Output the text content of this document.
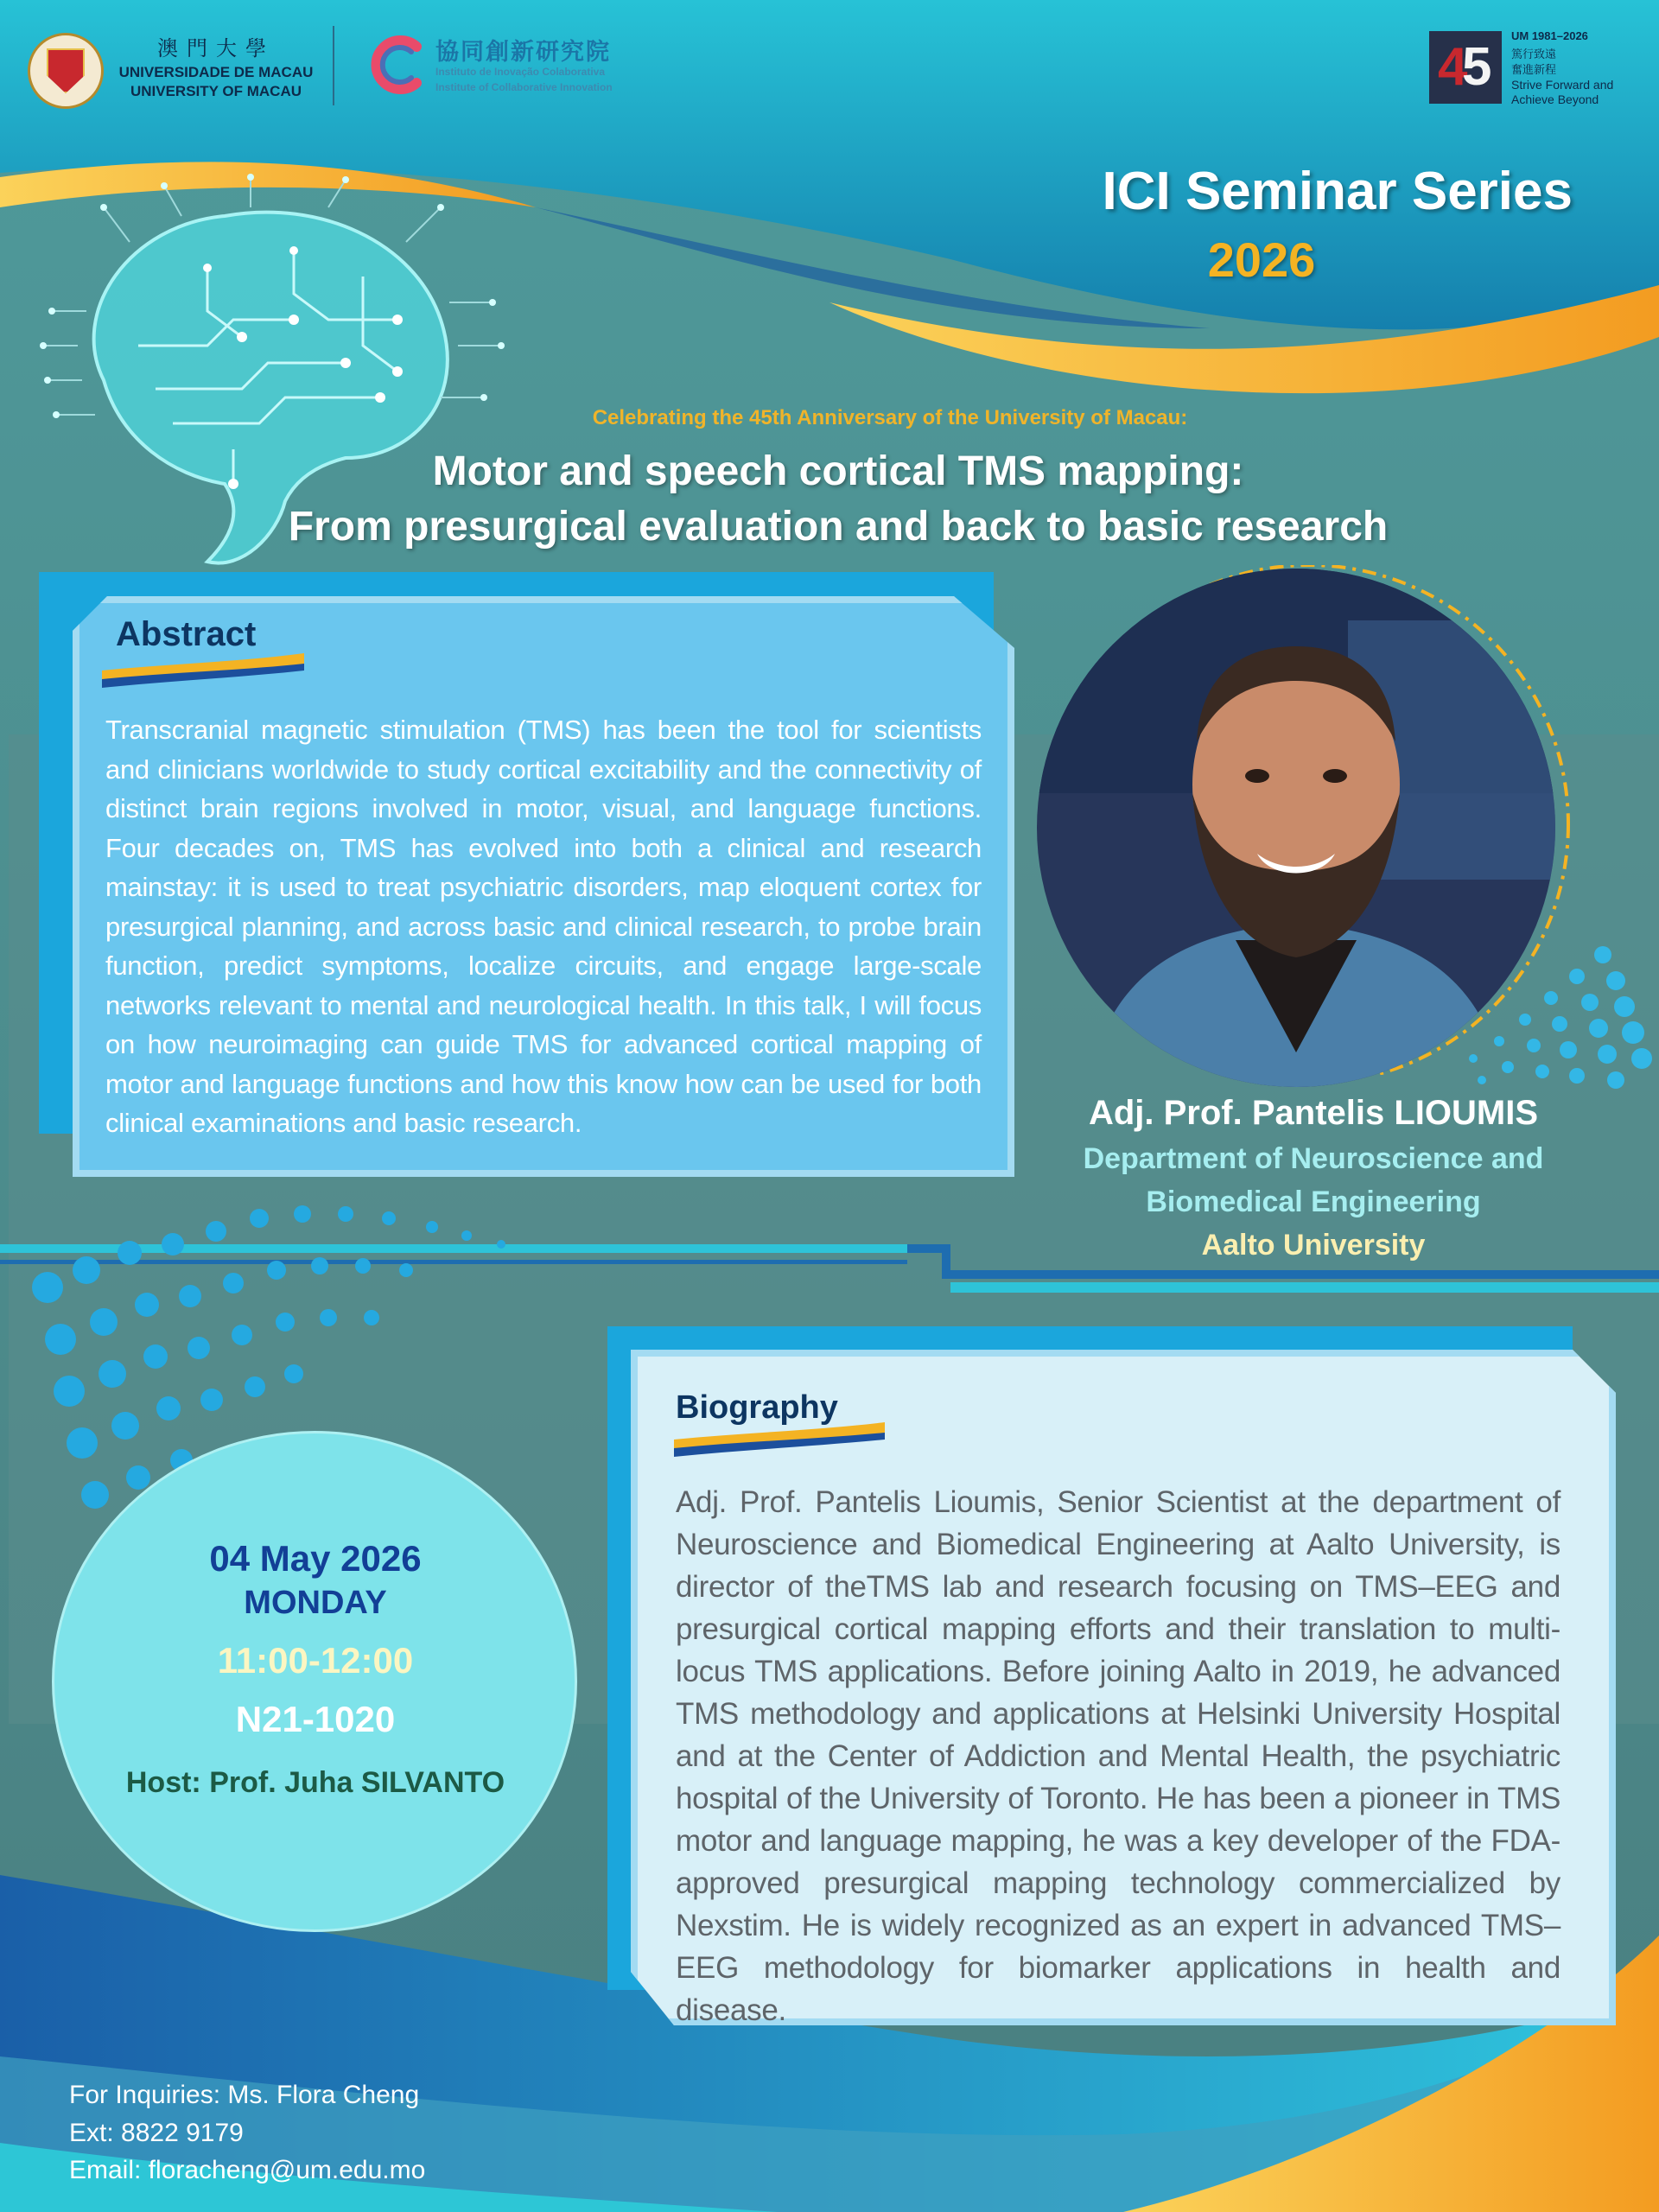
澳門大學
UNIVERSIDADE DE MACAU
UNIVERSITY OF MACAU
協同創新研究院
Instituto de Inovação Colaborativa
Institute of Collaborative Innovation	4
5
UM 1981–2026
篤行致遠
奮進新程
Strive Forward and
Achieve Beyond
ICI Seminar Series
2026
Celebrating the 45th Anniversary of the University of Macau:
Motor and speech cortical TMS mapping:
From presurgical evaluation and back to basic research
Abstract
Transcranial magnetic stimulation (TMS) has been the tool for scientists and clinicians worldwide to study cortical excitability and the connectivity of distinct brain regions involved in motor, visual, and language functions. Four decades on, TMS has evolved into both a clinical and research mainstay: it is used to treat psychiatric disorders, map eloquent cortex for presurgical planning, and across basic and clinical research, to probe brain function, predict symptoms, localize circuits, and engage large-scale networks relevant to mental and neurological health. In this talk, I will focus on how neuroimaging can guide TMS for advanced cortical mapping of motor and language functions and how this know how can be used for both clinical examinations and basic research.	Adj. Prof. Pantelis LIOUMIS
Department of Neuroscience and
Biomedical Engineering
Aalto University
04 May 2026
MONDAY
11:00-12:00
N21-1020
Host: Prof. Juha SILVANTO
Biography
Adj. Prof. Pantelis Lioumis, Senior Scientist at the department of Neuroscience and Biomedical Engineering at Aalto University, is director of theTMS lab and research focusing on TMS–EEG and presurgical cortical mapping efforts and their translation to multi-locus TMS applications. Before joining Aalto in 2019, he advanced TMS methodology and applications at Helsinki University Hospital and at the Center of Addiction and Mental Health, the psychiatric hospital of the University of Toronto. He has been a pioneer in TMS motor and language mapping, he was a key developer of the FDA-approved presurgical mapping technology commercialized by Nexstim. He is widely recognized as an expert in advanced TMS–EEG methodology for biomarker applications in health and disease.
For Inquiries: Ms. Flora Cheng
Ext: 8822 9179
Email: floracheng@um.edu.mo
